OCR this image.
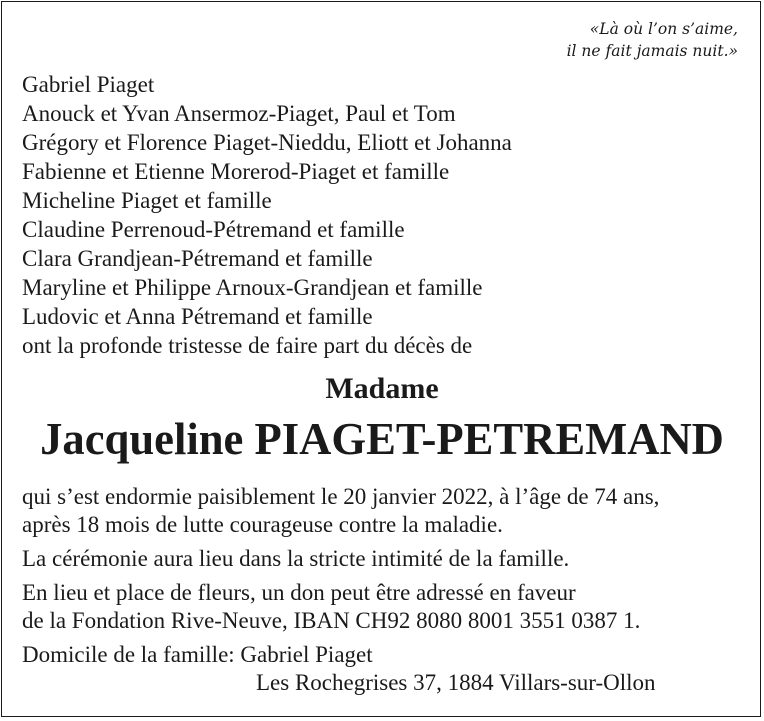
«Là où l’on s’aime,

il ne fait jamais nuit.»

Gabriel Piaget

Anouck et Yvan Ansermoz-Piaget, Paul et Tom

Grégory et Florence Piaget-Nieddu, Eliott et Johanna

Fabienne et Etienne Morerod-Piaget et famille

Micheline Piaget et famille

Claudine Perrenoud-Pétremand et famille

Clara Grandjean-Pétremand et famille

Maryline et Philippe Arnoux-Grandjean et famille

Ludovic et Anna Pétremand et famille

ont la profonde tristesse de faire part du décès de

Madame

Jacqueline PIAGET-PETREMAND

qui s’est endormie paisiblement le 20 janvier 2022, à l’âge de 74 ans,

après 18 mois de lutte courageuse contre la maladie.

La cérémonie aura lieu dans la stricte intimité de la famille.

En lieu et place de fleurs, un don peut être adressé en faveur

de la Fondation Rive-Neuve, IBAN CH92 8080 8001 3551 0387 1.

Domicile de la famille: Gabriel Piaget

Les Rochegrises 37, 1884 Villars-sur-Ollon
